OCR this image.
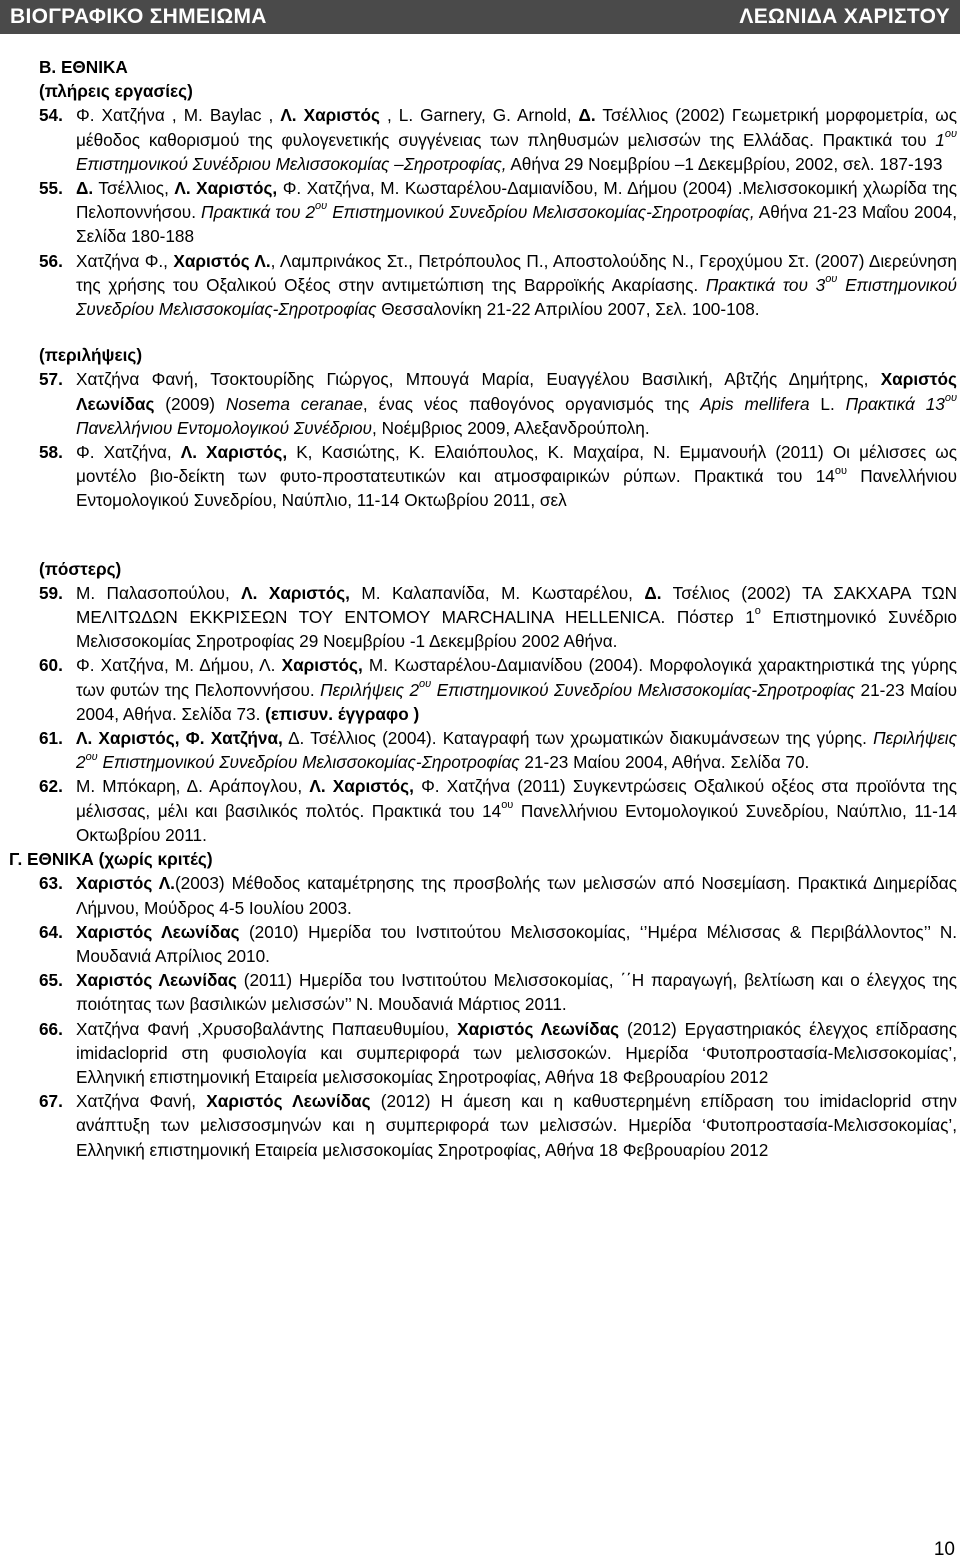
ΒΙΟΓΡΑΦΙΚΟ ΣΗΜΕΙΩΜΑ	ΛΕΩΝΙΔΑ ΧΑΡΙΣΤΟΥ
B. ΕΘΝΙΚΑ
(πλήρεις εργασίες)
54. Φ. Χατζήνα , M. Baylac , Λ. Χαριστός , L. Garnery, G. Arnold, Δ. Τσέλλιος (2002) Γεωμετρική μορφομετρία, ως μέθοδος καθορισμού της φυλογενετικής συγγένειας των πληθυσμών μελισσών της Ελλάδας. Πρακτικά του $1^{o\upsilon}$ Επιστημονικού Συνέδριου Μελισσοκομίας –Σηροτροφίας, Αθήνα 29 Νοεμβρίου –1 Δεκεμβρίου, 2002, σελ. 187-193
55. Δ. Τσέλλιος, Λ. Χαριστός, Φ. Χατζήνα, Μ. Κωσταρέλου-Δαμιανίδου, Μ. Δήμου (2004) .Μελισσοκομική χλωρίδα της Πελοποννήσου. Πρακτικά του $2^{o\upsilon}$ Επιστημονικού Συνεδρίου Μελισσοκομίας-Σηροτροφίας, Αθήνα 21-23 Μαΐου 2004, Σελίδα 180-188
56. Χατζήνα Φ., Χαριστός Λ., Λαμπρινάκος Στ., Πετρόπουλος Π., Αποστολούδης Ν., Γεροχύμου Στ. (2007) Διερεύνηση της χρήσης του Οξαλικού Οξέος στην αντιμετώπιση της Βαρροϊκής Ακαρίασης. Πρακτικά του $3^{o\upsilon}$ Επιστημονικού Συνεδρίου Μελισσοκομίας-Σηροτροφίας Θεσσαλονίκη 21-22 Απριλίου 2007, Σελ. 100-108.
(περιλήψεις)
57. Χατζήνα Φανή, Τσοκτουρίδης Γιώργος, Μπουγά Μαρία, Ευαγγέλου Βασιλική, Αβτζής Δημήτρης, Χαριστός Λεωνίδας (2009) Nosema ceranae, ένας νέος παθογόνος οργανισμός της Apis mellifera L. Πρακτικά $13^{o\upsilon}$ Πανελλήνιου Εντομολογικού Συνέδριου, Νοέμβριος 2009, Αλεξανδρούπολη.
58. Φ. Χατζήνα, Λ. Χαριστός, Κ, Κασιώτης, Κ. Ελαιόπουλος, Κ. Μαχαίρα, Ν. Εμμανουήλ (2011) Οι μέλισσες ως μοντέλο βιο-δείκτη των φυτο-προστατευτικών και ατμοσφαιρικών ρύπων. Πρακτικά του $14^{o\upsilon}$ Πανελλήνιου Εντομολογικού Συνεδρίου, Ναύπλιο, 11-14 Οκτωβρίου 2011, σελ
(πόστερς)
59. Μ. Παλασοπούλου, Λ. Χαριστός, Μ. Καλαπανίδα, Μ. Κωσταρέλου, Δ. Τσέλιος (2002) ΤΑ ΣΑΚΧΑΡΑ ΤΩΝ ΜΕΛΙΤΩΔΩΝ ΕΚΚΡΙΣΕΩΝ ΤΟΥ ΕΝΤΟΜΟΥ MARCHALINA HELLENICA. Πόστερ $1^o$ Επιστημονικό Συνέδριο Μελισσοκομίας Σηροτροφίας 29 Νοεμβρίου -1 Δεκεμβρίου 2002 Αθήνα.
60. Φ. Χατζήνα, Μ. Δήμου, Λ. Χαριστός, Μ. Κωσταρέλου-Δαμιανίδου (2004). Μορφολογικά χαρακτηριστικά της γύρης των φυτών της Πελοποννήσου. Περιλήψεις $2^{o\upsilon}$ Επιστημονικού Συνεδρίου Μελισσοκομίας-Σηροτροφίας 21-23 Μαίου 2004, Αθήνα. Σελίδα 73. (επισυν. έγγραφο )
61. Λ. Χαριστός, Φ. Χατζήνα, Δ. Τσέλλιος (2004). Καταγραφή των χρωματικών διακυμάνσεων της γύρης. Περιλήψεις $2^{o\upsilon}$ Επιστημονικού Συνεδρίου Μελισσοκομίας-Σηροτροφίας 21-23 Μαίου 2004, Αθήνα. Σελίδα 70.
62. Μ. Μπόκαρη, Δ. Αράπογλου, Λ. Χαριστός, Φ. Χατζήνα (2011) Συγκεντρώσεις Οξαλικού οξέος στα προϊόντα της μέλισσας, μέλι και βασιλικός πολτός. Πρακτικά του $14^{o\upsilon}$ Πανελλήνιου Εντομολογικού Συνεδρίου, Ναύπλιο, 11-14 Οκτωβρίου 2011.
Γ. ΕΘΝΙΚΑ (χωρίς κριτές)
63. Χαριστός Λ.(2003) Μέθοδος καταμέτρησης της προσβολής των μελισσών από Νοσεμίαση. Πρακτικά Διημερίδας Λήμνου, Μούδρος 4-5 Ιουλίου 2003.
64. Χαριστός Λεωνίδας (2010) Ημερίδα του Ινστιτούτου Μελισσοκομίας, ‘’Ημέρα Μέλισσας & Περιβάλλοντος’’ Ν. Μουδανιά Απρίλιος 2010.
65. Χαριστός Λεωνίδας (2011) Ημερίδα του Ινστιτούτου Μελισσοκομίας, ΄΄Η παραγωγή, βελτίωση και ο έλεγχος της ποιότητας των βασιλικών μελισσών’’ Ν. Μουδανιά Μάρτιος 2011.
66. Χατζήνα Φανή ,Χρυσοβαλάντης Παπαευθυμίου, Χαριστός Λεωνίδας (2012) Εργαστηριακός έλεγχος επίδρασης imidacloprid στη φυσιολογία και συμπεριφορά των μελισσοκών. Ημερίδα ‘Φυτοπροστασία-Μελισσοκομίας’, Ελληνική επιστημονική Εταιρεία μελισσοκομίας Σηροτροφίας, Αθήνα 18 Φεβρουαρίου 2012
67. Χατζήνα Φανή, Χαριστός Λεωνίδας (2012) Η άμεση και η καθυστερημένη επίδραση του imidacloprid στην ανάπτυξη των μελισσοσμηνών και η συμπεριφορά των μελισσών. Ημερίδα ‘Φυτοπροστασία-Μελισσοκομίας’, Ελληνική επιστημονική Εταιρεία μελισσοκομίας Σηροτροφίας, Αθήνα 18 Φεβρουαρίου 2012
10
